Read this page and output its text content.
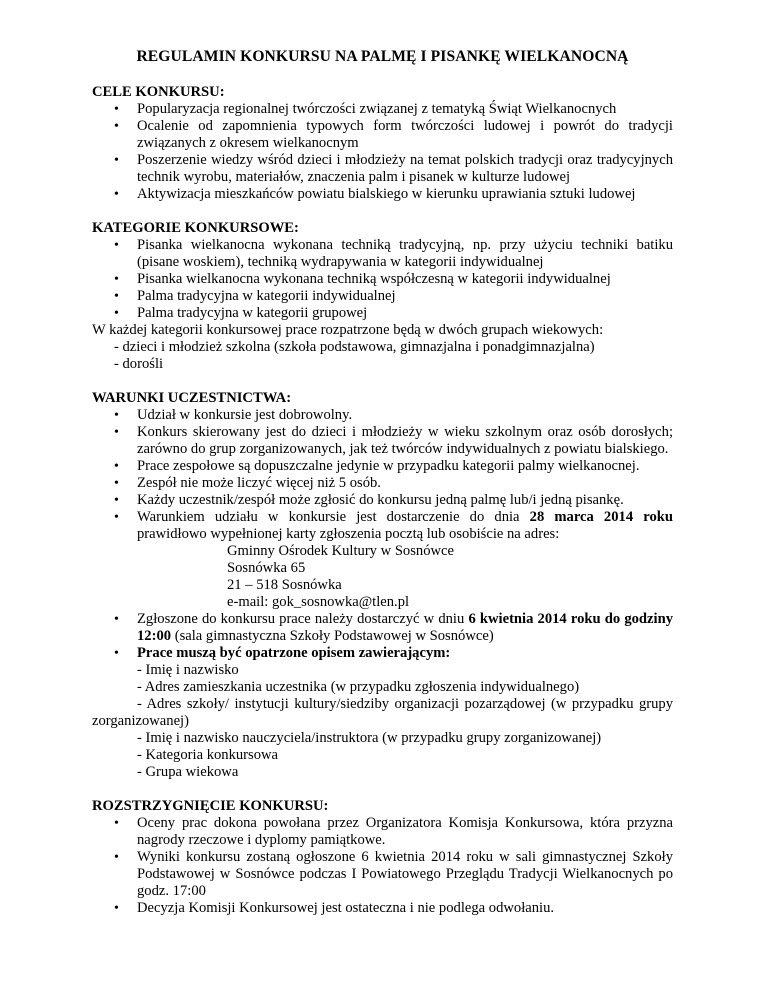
REGULAMIN KONKURSU NA PALMĘ I PISANKĘ WIELKANOCNĄ

CELE KONKURSU:

• Popularyzacja regionalnej twórczości związanej z tematyką Świąt Wielkanocnych
• Ocalenie od zapomnienia typowych form twórczości ludowej i powrót do tradycji związanych z okresem wielkanocnym
• Poszerzenie wiedzy wśród dzieci i młodzieży na temat polskich tradycji oraz tradycyjnych technik wyrobu, materiałów, znaczenia palm i pisanek w kulturze ludowej
• Aktywizacja mieszkańców powiatu bialskiego w kierunku uprawiania sztuki ludowej

KATEGORIE KONKURSOWE:

• Pisanka wielkanocna wykonana techniką tradycyjną, np. przy użyciu techniki batiku (pisane woskiem), techniką wydrapywania w kategorii indywidualnej
• Pisanka wielkanocna wykonana techniką współczesną w kategorii indywidualnej
• Palma tradycyjna w kategorii indywidualnej
• Palma tradycyjna w kategorii grupowej

W każdej kategorii konkursowej prace rozpatrzone będą w dwóch grupach wiekowych:

- dzieci i młodzież szkolna (szkoła podstawowa, gimnazjalna i ponadgimnazjalna)

- dorośli

WARUNKI UCZESTNICTWA:

• Udział w konkursie jest dobrowolny.
• Konkurs skierowany jest do dzieci i młodzieży w wieku szkolnym oraz osób dorosłych; zarówno do grup zorganizowanych, jak też twórców indywidualnych z powiatu bialskiego.
• Prace zespołowe są dopuszczalne jedynie w przypadku kategorii palmy wielkanocnej.
• Zespół nie może liczyć więcej niż 5 osób.
• Każdy uczestnik/zespół może zgłosić do konkursu jedną palmę lub/i jedną pisankę.
• Warunkiem udziału w konkursie jest dostarczenie do dnia 28 marca 2014 roku prawidłowo wypełnionej karty zgłoszenia pocztą lub osobiście na adres:
Gminny Ośrodek Kultury w Sosnówce
Sosnówka 65
21 – 518 Sosnówka
e-mail: gok_sosnowka@tlen.pl
• Zgłoszone do konkursu prace należy dostarczyć w dniu 6 kwietnia 2014 roku do godziny 12:00 (sala gimnastyczna Szkoły Podstawowej w Sosnówce)
• Prace muszą być opatrzone opisem zawierającym:
- Imię i nazwisko
- Adres zamieszkania uczestnika (w przypadku zgłoszenia indywidualnego)

- Adres szkoły/ instytucji kultury/siedziby organizacji pozarządowej (w przypadku grupy zorganizowanej)

- Imię i nazwisko nauczyciela/instruktora (w przypadku grupy zorganizowanej)
- Kategoria konkursowa
- Grupa wiekowa

ROZSTRZYGNIĘCIE KONKURSU:

• Oceny prac dokona powołana przez Organizatora Komisja Konkursowa, która przyzna nagrody rzeczowe i dyplomy pamiątkowe.
• Wyniki konkursu zostaną ogłoszone 6 kwietnia 2014 roku w sali gimnastycznej Szkoły Podstawowej w Sosnówce podczas I Powiatowego Przeglądu Tradycji Wielkanocnych po godz. 17:00
• Decyzja Komisji Konkursowej jest ostateczna i nie podlega odwołaniu.
